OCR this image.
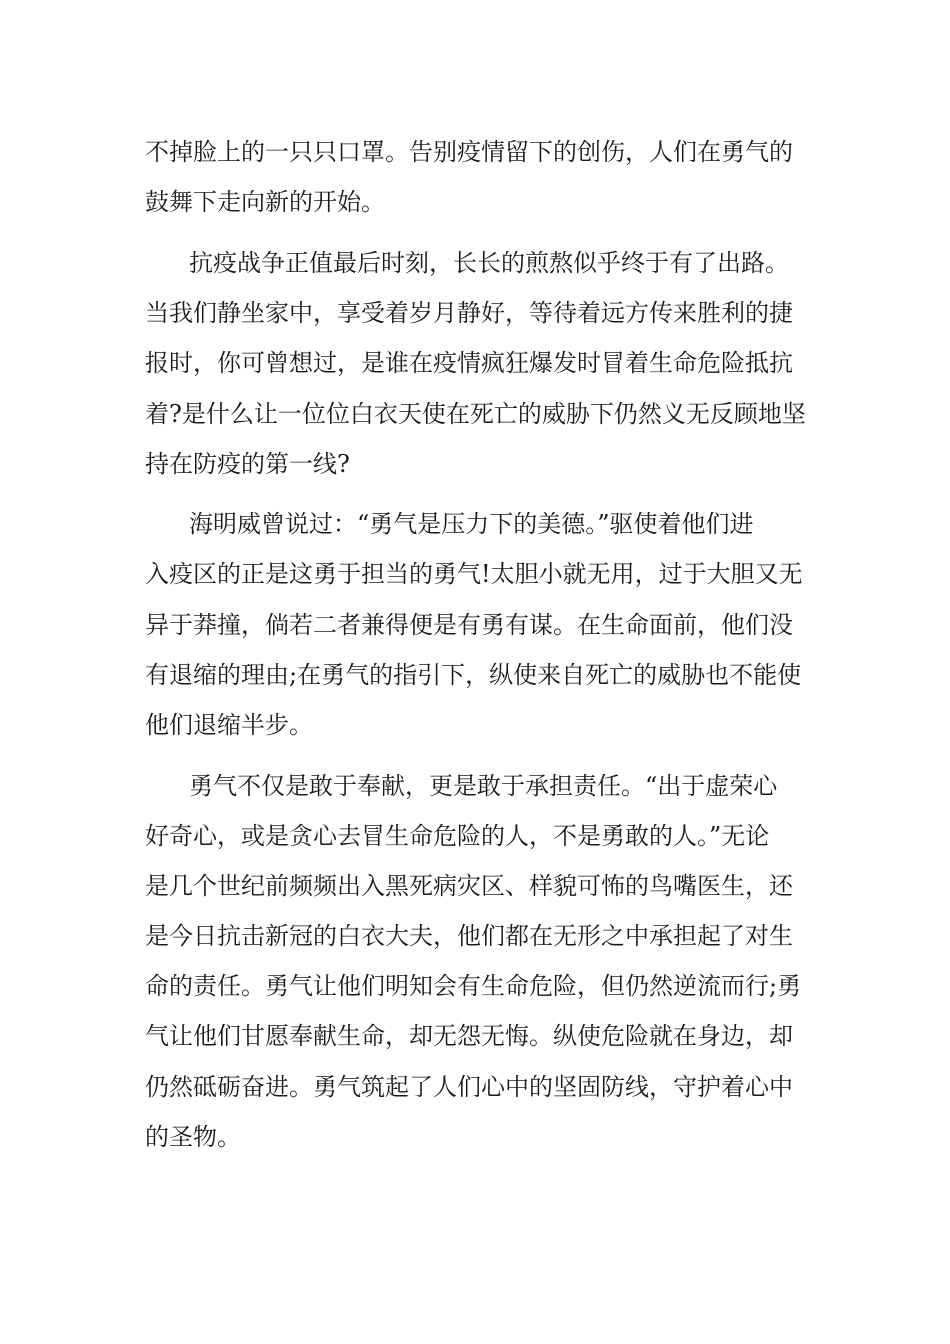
不掉脸上的一只只口罩。告别疫情留下的创伤，人们在勇气的
鼓舞下走向新的开始。
抗疫战争正值最后时刻，长长的煎熬似乎终于有了出路。
当我们静坐家中，享受着岁月静好，等待着远方传来胜利的捷
报时，你可曾想过，是谁在疫情疯狂爆发时冒着生命危险抵抗
着?是什么让一位位白衣天使在死亡的威胁下仍然义无反顾地坚
持在防疫的第一线?
海明威曾说过：“勇气是压力下的美德。”驱使着他们进
入疫区的正是这勇于担当的勇气!太胆小就无用，过于大胆又无
异于莽撞，倘若二者兼得便是有勇有谋。在生命面前，他们没
有退缩的理由;在勇气的指引下，纵使来自死亡的威胁也不能使
他们退缩半步。
勇气不仅是敢于奉献，更是敢于承担责任。“出于虚荣心
好奇心，或是贪心去冒生命危险的人，不是勇敢的人。”无论
是几个世纪前频频出入黑死病灾区、样貌可怖的鸟嘴医生，还
是今日抗击新冠的白衣大夫，他们都在无形之中承担起了对生
命的责任。勇气让他们明知会有生命危险，但仍然逆流而行;勇
气让他们甘愿奉献生命，却无怨无悔。纵使危险就在身边，却
仍然砥砺奋进。勇气筑起了人们心中的坚固防线，守护着心中
的圣物。
